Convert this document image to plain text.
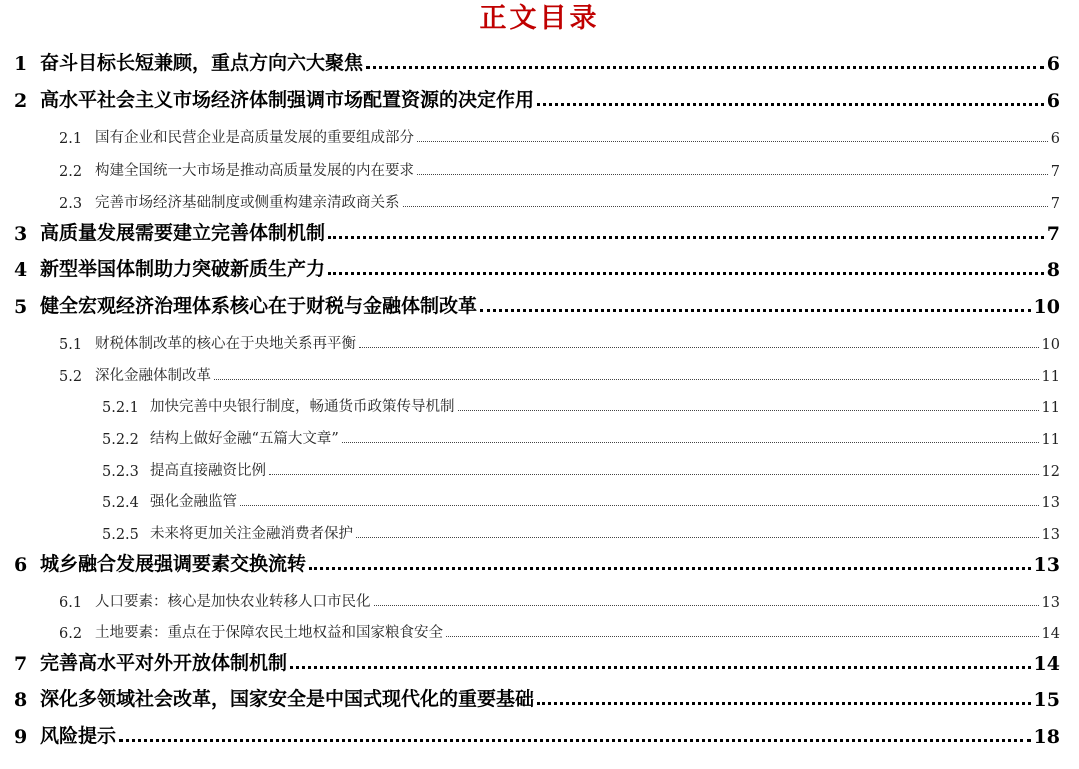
正文目录
1 奋斗目标长短兼顾，重点方向六大聚焦	6
2 高水平社会主义市场经济体制强调市场配置资源的决定作用	6
2.1 国有企业和民营企业是高质量发展的重要组成部分	6
2.2 构建全国统一大市场是推动高质量发展的内在要求	7
2.3 完善市场经济基础制度或侧重构建亲清政商关系	7
3 高质量发展需要建立完善体制机制	7
4 新型举国体制助力突破新质生产力	8
5 健全宏观经济治理体系核心在于财税与金融体制改革	10
5.1 财税体制改革的核心在于央地关系再平衡	10
5.2 深化金融体制改革	11
5.2.1 加快完善中央银行制度，畅通货币政策传导机制	11
5.2.2 结构上做好金融“五篇大文章”	11
5.2.3 提高直接融资比例	12
5.2.4 强化金融监管	13
5.2.5 未来将更加关注金融消费者保护	13
6 城乡融合发展强调要素交换流转	13
6.1 人口要素：核心是加快农业转移人口市民化	13
6.2 土地要素：重点在于保障农民土地权益和国家粮食安全	14
7 完善高水平对外开放体制机制	14
8 深化多领域社会改革，国家安全是中国式现代化的重要基础	15
9 风险提示	18
